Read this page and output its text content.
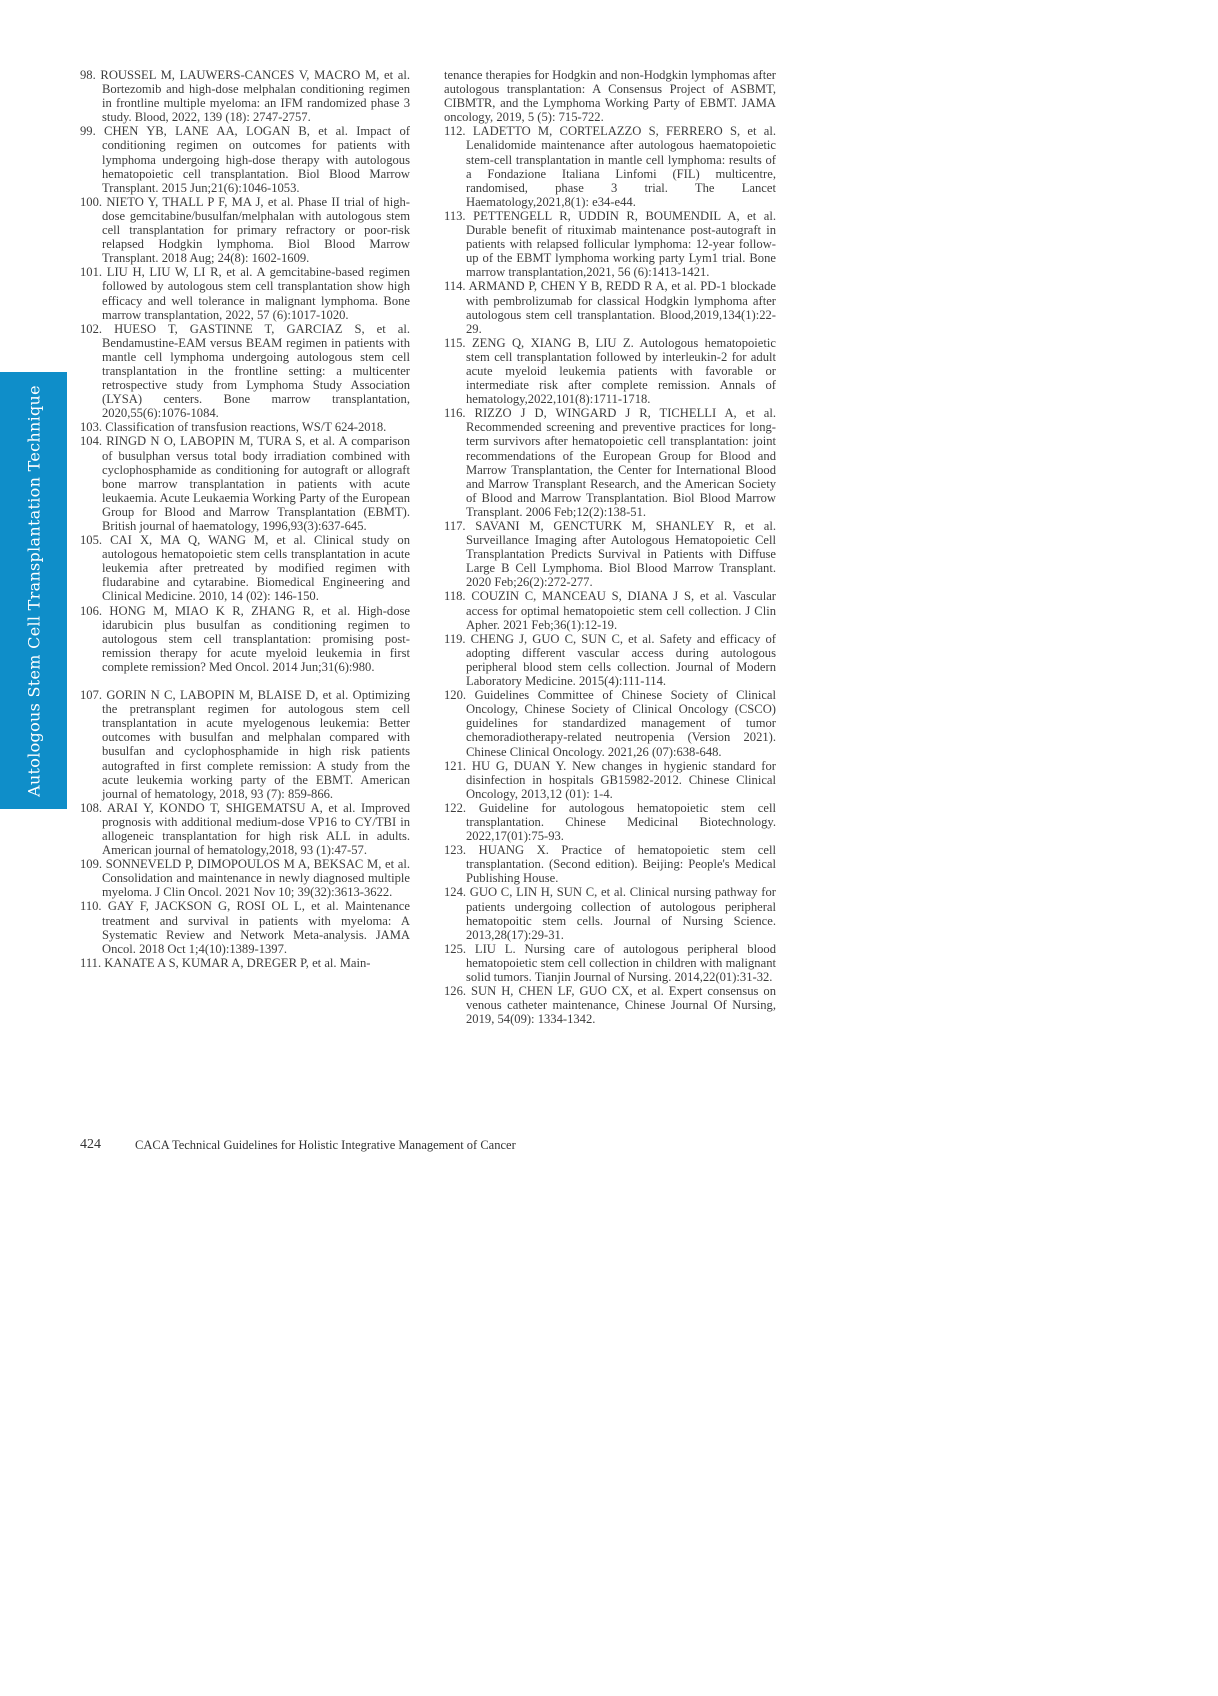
Autologous Stem Cell Transplantation Technique
98. ROUSSEL M, LAUWERS-CANCES V, MACRO M, et al. Bortezomib and high-dose melphalan conditioning regimen in frontline multiple myeloma: an IFM randomized phase 3 study. Blood, 2022, 139 (18): 2747-2757.
99. CHEN YB, LANE AA, LOGAN B, et al. Impact of conditioning regimen on outcomes for patients with lymphoma undergoing high-dose therapy with autologous hematopoietic cell transplantation. Biol Blood Marrow Transplant. 2015 Jun;21(6):1046-1053.
100. NIETO Y, THALL P F, MA J, et al. Phase II trial of high-dose gemcitabine/busulfan/melphalan with autologous stem cell transplantation for primary refractory or poor-risk relapsed Hodgkin lymphoma. Biol Blood Marrow Transplant. 2018 Aug; 24(8): 1602-1609.
101. LIU H, LIU W, LI R, et al. A gemcitabine-based regimen followed by autologous stem cell transplantation show high efficacy and well tolerance in malignant lymphoma. Bone marrow transplantation, 2022, 57 (6):1017-1020.
102. HUESO T, GASTINNE T, GARCIAZ S, et al. Bendamustine-EAM versus BEAM regimen in patients with mantle cell lymphoma undergoing autologous stem cell transplantation in the frontline setting: a multicenter retrospective study from Lymphoma Study Association (LYSA) centers. Bone marrow transplantation, 2020,55(6):1076-1084.
103. Classification of transfusion reactions, WS/T 624-2018.
104. RINGD N O, LABOPIN M, TURA S, et al. A comparison of busulphan versus total body irradiation combined with cyclophosphamide as conditioning for autograft or allograft bone marrow transplantation in patients with acute leukaemia. Acute Leukaemia Working Party of the European Group for Blood and Marrow Transplantation (EBMT). British journal of haematology, 1996,93(3):637-645.
105. CAI X, MA Q, WANG M, et al. Clinical study on autologous hematopoietic stem cells transplantation in acute leukemia after pretreated by modified regimen with fludarabine and cytarabine. Biomedical Engineering and Clinical Medicine. 2010, 14 (02): 146-150.
106. HONG M, MIAO K R, ZHANG R, et al. High-dose idarubicin plus busulfan as conditioning regimen to autologous stem cell transplantation: promising post-remission therapy for acute myeloid leukemia in first complete remission? Med Oncol. 2014 Jun;31(6):980.
107. GORIN N C, LABOPIN M, BLAISE D, et al. Optimizing the pretransplant regimen for autologous stem cell transplantation in acute myelogenous leukemia: Better outcomes with busulfan and melphalan compared with busulfan and cyclophosphamide in high risk patients autografted in first complete remission: A study from the acute leukemia working party of the EBMT. American journal of hematology, 2018, 93 (7): 859-866.
108. ARAI Y, KONDO T, SHIGEMATSU A, et al. Improved prognosis with additional medium-dose VP16 to CY/TBI in allogeneic transplantation for high risk ALL in adults. American journal of hematology,2018, 93 (1):47-57.
109. SONNEVELD P, DIMOPOULOS M A, BEKSAC M, et al. Consolidation and maintenance in newly diagnosed multiple myeloma. J Clin Oncol. 2021 Nov 10; 39(32):3613-3622.
110. GAY F, JACKSON G, ROSI OL L, et al. Maintenance treatment and survival in patients with myeloma: A Systematic Review and Network Meta-analysis. JAMA Oncol. 2018 Oct 1;4(10):1389-1397.
111. KANATE A S, KUMAR A, DREGER P, et al. Main-
tenance therapies for Hodgkin and non-Hodgkin lymphomas after autologous transplantation: A Consensus Project of ASBMT, CIBMTR, and the Lymphoma Working Party of EBMT. JAMA oncology, 2019, 5 (5): 715-722.
112. LADETTO M, CORTELAZZO S, FERRERO S, et al. Lenalidomide maintenance after autologous haematopoietic stem-cell transplantation in mantle cell lymphoma: results of a Fondazione Italiana Linfomi (FIL) multicentre, randomised, phase 3 trial. The Lancet Haematology,2021,8(1): e34-e44.
113. PETTENGELL R, UDDIN R, BOUMENDIL A, et al. Durable benefit of rituximab maintenance post-autograft in patients with relapsed follicular lymphoma: 12-year follow-up of the EBMT lymphoma working party Lym1 trial. Bone marrow transplantation,2021, 56 (6):1413-1421.
114. ARMAND P, CHEN Y B, REDD R A, et al. PD-1 blockade with pembrolizumab for classical Hodgkin lymphoma after autologous stem cell transplantation. Blood,2019,134(1):22-29.
115. ZENG Q, XIANG B, LIU Z. Autologous hematopoietic stem cell transplantation followed by interleukin-2 for adult acute myeloid leukemia patients with favorable or intermediate risk after complete remission. Annals of hematology,2022,101(8):1711-1718.
116. RIZZO J D, WINGARD J R, TICHELLI A, et al. Recommended screening and preventive practices for long-term survivors after hematopoietic cell transplantation: joint recommendations of the European Group for Blood and Marrow Transplantation, the Center for International Blood and Marrow Transplant Research, and the American Society of Blood and Marrow Transplantation. Biol Blood Marrow Transplant. 2006 Feb;12(2):138-51.
117. SAVANI M, GENCTURK M, SHANLEY R, et al. Surveillance Imaging after Autologous Hematopoietic Cell Transplantation Predicts Survival in Patients with Diffuse Large B Cell Lymphoma. Biol Blood Marrow Transplant. 2020 Feb;26(2):272-277.
118. COUZIN C, MANCEAU S, DIANA J S, et al. Vascular access for optimal hematopoietic stem cell collection. J Clin Apher. 2021 Feb;36(1):12-19.
119. CHENG J, GUO C, SUN C, et al. Safety and efficacy of adopting different vascular access during autologous peripheral blood stem cells collection. Journal of Modern Laboratory Medicine. 2015(4):111-114.
120. Guidelines Committee of Chinese Society of Clinical Oncology, Chinese Society of Clinical Oncology (CSCO) guidelines for standardized management of tumor chemoradiotherapy-related neutropenia (Version 2021). Chinese Clinical Oncology. 2021,26 (07):638-648.
121. HU G, DUAN Y. New changes in hygienic standard for disinfection in hospitals GB15982-2012. Chinese Clinical Oncology, 2013,12 (01): 1-4.
122. Guideline for autologous hematopoietic stem cell transplantation. Chinese Medicinal Biotechnology. 2022,17(01):75-93.
123. HUANG X. Practice of hematopoietic stem cell transplantation. (Second edition). Beijing: People's Medical Publishing House.
124. GUO C, LIN H, SUN C, et al. Clinical nursing pathway for patients undergoing collection of autologous peripheral hematopoitic stem cells. Journal of Nursing Science. 2013,28(17):29-31.
125. LIU L. Nursing care of autologous peripheral blood hematopoietic stem cell collection in children with malignant solid tumors. Tianjin Journal of Nursing. 2014,22(01):31-32.
126. SUN H, CHEN LF, GUO CX, et al. Expert consensus on venous catheter maintenance, Chinese Journal Of Nursing, 2019, 54(09): 1334-1342.
424	CACA Technical Guidelines for Holistic Integrative Management of Cancer
